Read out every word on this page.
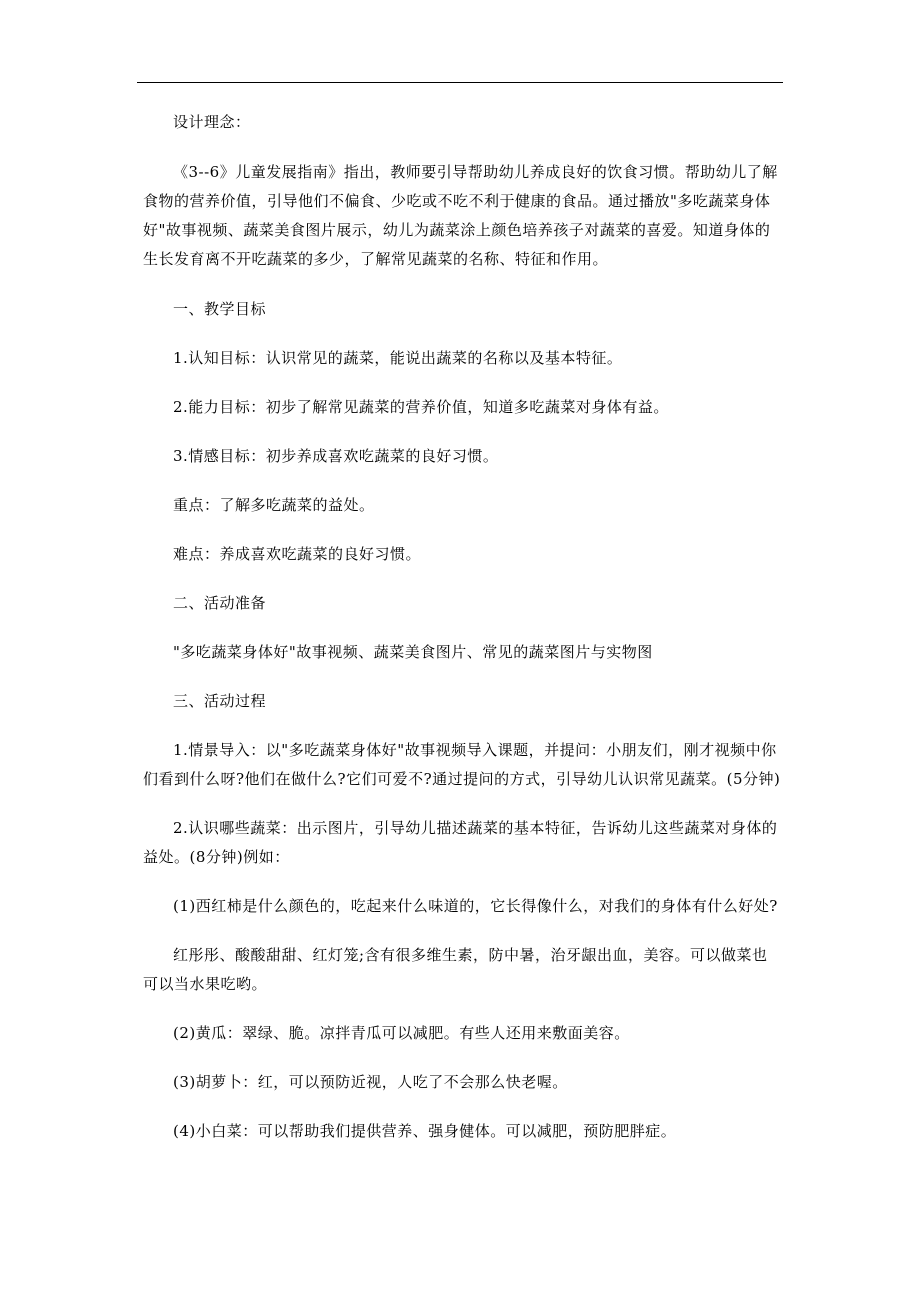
设计理念：

《3--6》儿童发展指南》指出，教师要引导帮助幼儿养成良好的饮食习惯。帮助幼儿了解食物的营养价值，引导他们不偏食、少吃或不吃不利于健康的食品。通过播放"多吃蔬菜身体好"故事视频、蔬菜美食图片展示，幼儿为蔬菜涂上颜色培养孩子对蔬菜的喜爱。知道身体的生长发育离不开吃蔬菜的多少，了解常见蔬菜的名称、特征和作用。

一、教学目标

1.认知目标：认识常见的蔬菜，能说出蔬菜的名称以及基本特征。

2.能力目标：初步了解常见蔬菜的营养价值，知道多吃蔬菜对身体有益。

3.情感目标：初步养成喜欢吃蔬菜的良好习惯。

重点：了解多吃蔬菜的益处。

难点：养成喜欢吃蔬菜的良好习惯。

二、活动准备

"多吃蔬菜身体好"故事视频、蔬菜美食图片、常见的蔬菜图片与实物图

三、活动过程

1.情景导入：以"多吃蔬菜身体好"故事视频导入课题，并提问：小朋友们，刚才视频中你们看到什么呀?他们在做什么?它们可爱不?通过提问的方式，引导幼儿认识常见蔬菜。(5分钟)

2.认识哪些蔬菜：出示图片，引导幼儿描述蔬菜的基本特征，告诉幼儿这些蔬菜对身体的益处。(8分钟)例如：

(1)西红柿是什么颜色的，吃起来什么味道的，它长得像什么，对我们的身体有什么好处?

红彤彤、酸酸甜甜、红灯笼;含有很多维生素，防中暑，治牙龈出血，美容。可以做菜也可以当水果吃哟。

(2)黄瓜：翠绿、脆。凉拌青瓜可以减肥。有些人还用来敷面美容。

(3)胡萝卜：红，可以预防近视，人吃了不会那么快老喔。

(4)小白菜：可以帮助我们提供营养、强身健体。可以减肥，预防肥胖症。
